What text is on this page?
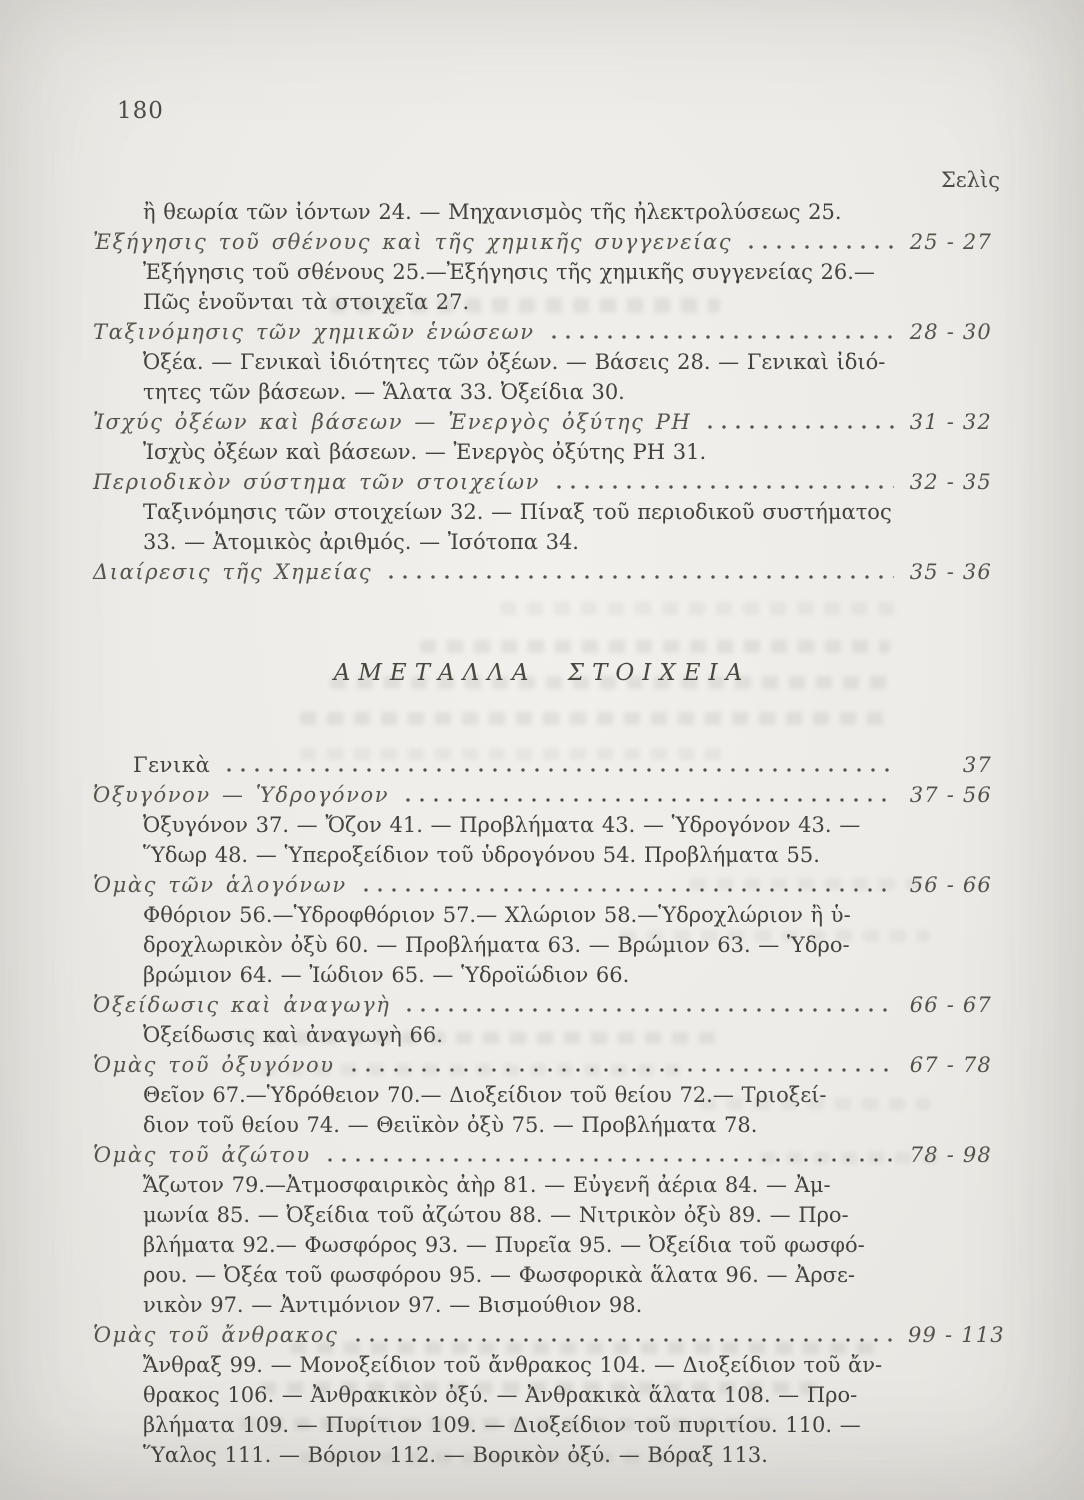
180
Σελὶς
ἢ θεωρία τῶν ἰόντων 24. — Μηχανισμὸς τῆς ἠλεκτρολύσεως 25.
Ἐξήγησις τοῦ σθένους καὶ τῆς χημικῆς συγγενείας	25 - 27
Ἐξήγησις τοῦ σθένους 25.—Ἐξήγησις τῆς χημικῆς συγγενείας 26.—
Πῶς ἑνοῦνται τὰ στοιχεῖα 27.
Ταξινόμησις τῶν χημικῶν ἑνώσεων	28 - 30
Ὀξέα. — Γενικαὶ ἰδιότητες τῶν ὀξέων. — Βάσεις 28. — Γενικαὶ ἰδιό-
τητες τῶν βάσεων. — Ἅλατα 33. Ὀξείδια 30.
Ἰσχύς ὀξέων καὶ βάσεων — Ἐνεργὸς ὀξύτης PH	31 - 32
Ἰσχὺς ὀξέων καὶ βάσεων. — Ἐνεργὸς ὀξύτης PH 31.
Περιοδικὸν σύστημα τῶν στοιχείων	32 - 35
Ταξινόμησις τῶν στοιχείων 32. — Πίναξ τοῦ περιοδικοῦ συστήματος
33. — Ἀτομικὸς ἀριθμός. — Ἰσότοπα 34.
Διαίρεσις τῆς Χημείας	35 - 36
ΑΜΕΤΑΛΛΑ ΣΤΟΙΧΕΙΑ
Γενικὰ	37
Ὀξυγόνον — Ὑδρογόνον	37 - 56
Ὀξυγόνον 37. — Ὄζον 41. — Προβλήματα 43. — Ὑδρογόνον 43. —
Ὕδωρ 48. — Ὑπεροξείδιον τοῦ ὑδρογόνου 54. Προβλήματα 55.
Ὁμὰς τῶν ἁλογόνων	56 - 66
Φθόριον 56.—Ὑδροφθόριον 57.— Χλώριον 58.—Ὑδροχλώριον ἢ ὑ-
δροχλωρικὸν ὀξὺ 60. — Προβλήματα 63. — Βρώμιον 63. — Ὑδρο-
βρώμιον 64. — Ἰώδιον 65. — Ὑδροϊώδιον 66.
Ὀξείδωσις καὶ ἀναγωγὴ	66 - 67
Ὀξείδωσις καὶ ἀναγωγὴ 66.
Ὁμὰς τοῦ ὀξυγόνου	67 - 78
Θεῖον 67.—Ὑδρόθειον 70.— Διοξείδιον τοῦ θείου 72.— Τριοξεί-
διον τοῦ θείου 74. — Θειϊκὸν ὀξὺ 75. — Προβλήματα 78.
Ὁμὰς τοῦ ἀζώτου	78 - 98
Ἄζωτον 79.—Ἀτμοσφαιρικὸς ἀὴρ 81. — Εὐγενῆ ἀέρια 84. — Ἀμ-
μωνία 85. — Ὀξείδια τοῦ ἀζώτου 88. — Νιτρικὸν ὀξὺ 89. — Προ-
βλήματα 92.— Φωσφόρος 93. — Πυρεῖα 95. — Ὀξείδια τοῦ φωσφό-
ρου. — Ὀξέα τοῦ φωσφόρου 95. — Φωσφορικὰ ἅλατα 96. — Ἀρσε-
νικὸν 97. — Ἀντιμόνιον 97. — Βισμούθιον 98.
Ὁμὰς τοῦ ἄνθρακος	99 - 113
Ἄνθραξ 99. — Μονοξείδιον τοῦ ἄνθρακος 104. — Διοξείδιον τοῦ ἄν-
θρακος 106. — Ἀνθρακικὸν ὀξύ. — Ἀνθρακικὰ ἅλατα 108. — Προ-
βλήματα 109. — Πυρίτιον 109. — Διοξείδιον τοῦ πυριτίου. 110. —
Ὕαλος 111. — Βόριον 112. — Βορικὸν ὀξύ. — Βόραξ 113.
